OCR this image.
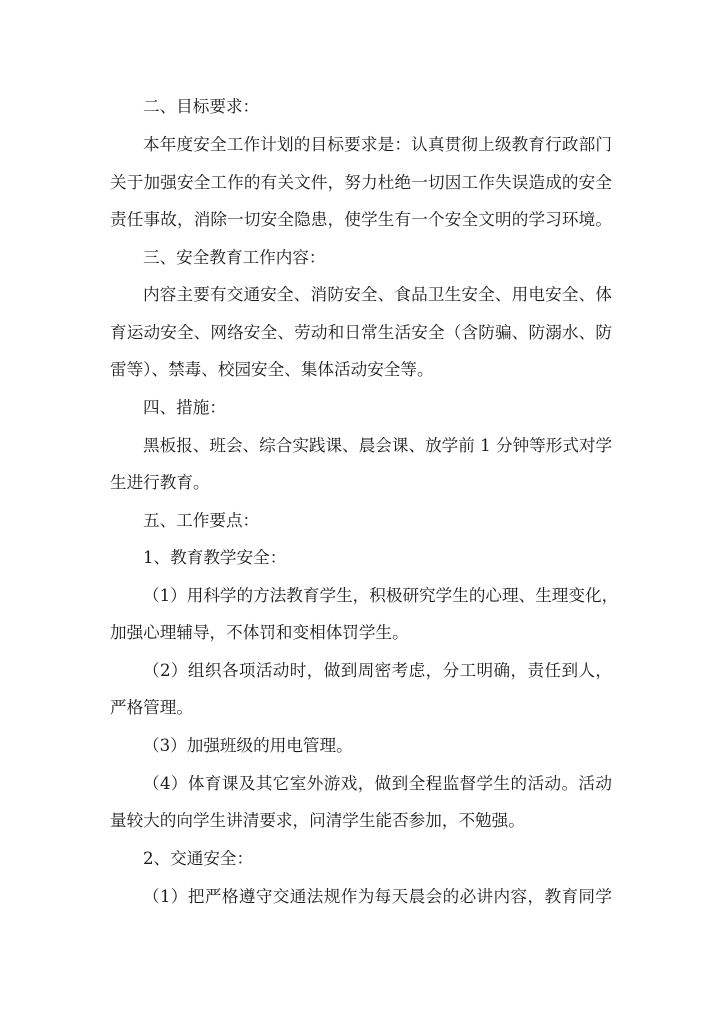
二、目标要求：
本年度安全工作计划的目标要求是：认真贯彻上级教育行政部门
关于加强安全工作的有关文件，努力杜绝一切因工作失误造成的安全
责任事故，消除一切安全隐患，使学生有一个安全文明的学习环境。
三、安全教育工作内容：
内容主要有交通安全、消防安全、食品卫生安全、用电安全、体
育运动安全、网络安全、劳动和日常生活安全（含防骗、防溺水、防
雷等）、禁毒、校园安全、集体活动安全等。
四、措施：
黑板报、班会、综合实践课、晨会课、放学前 1 分钟等形式对学
生进行教育。
五、工作要点：
1、教育教学安全：
（1）用科学的方法教育学生，积极研究学生的心理、生理变化，
加强心理辅导，不体罚和变相体罚学生。
（2）组织各项活动时，做到周密考虑，分工明确，责任到人，
严格管理。
（3）加强班级的用电管理。
（4）体育课及其它室外游戏，做到全程监督学生的活动。活动
量较大的向学生讲清要求，问清学生能否参加，不勉强。
2、交通安全：
（1）把严格遵守交通法规作为每天晨会的必讲内容，教育同学
